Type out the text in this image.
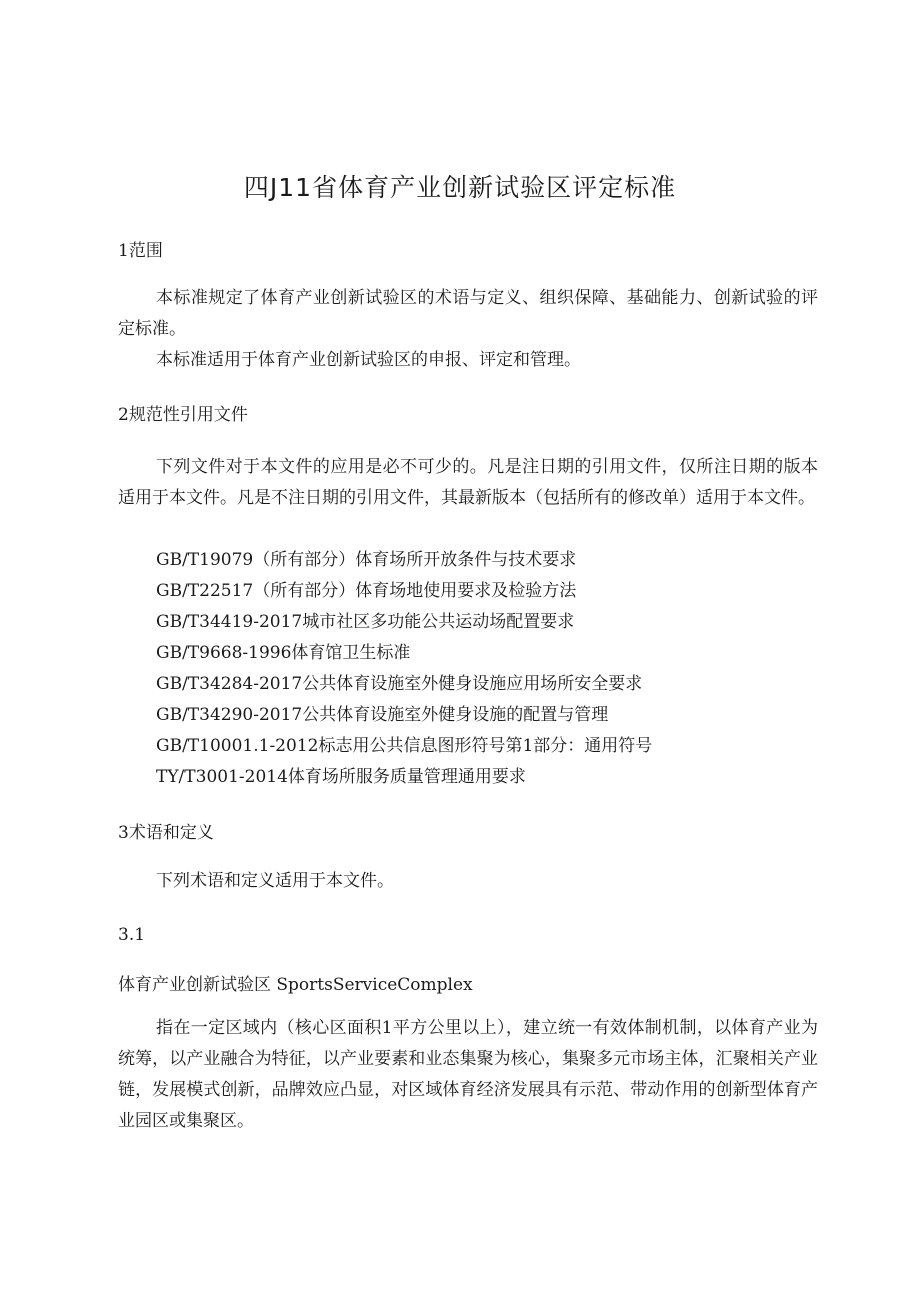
四J11省体育产业创新试验区评定标准
1范围

本标准规定了体育产业创新试验区的术语与定义、组织保障、基础能力、创新试验的评定标准。

本标准适用于体育产业创新试验区的申报、评定和管理。

2规范性引用文件

下列文件对于本文件的应用是必不可少的。凡是注日期的引用文件，仅所注日期的版本适用于本文件。凡是不注日期的引用文件，其最新版本（包括所有的修改单）适用于本文件。

GB/T19079（所有部分）体育场所开放条件与技术要求
GB/T22517（所有部分）体育场地使用要求及检验方法
GB/T34419-2017城市社区多功能公共运动场配置要求
GB/T9668-1996体育馆卫生标准
GB/T34284-2017公共体育设施室外健身设施应用场所安全要求
GB/T34290-2017公共体育设施室外健身设施的配置与管理
GB/T10001.1-2012标志用公共信息图形符号第1部分：通用符号
TY/T3001-2014体育场所服务质量管理通用要求
3术语和定义

下列术语和定义适用于本文件。

3.1
体育产业创新试验区 SportsServiceComplex

指在一定区域内（核心区面积1平方公里以上），建立统一有效体制机制，以体育产业为统筹，以产业融合为特征，以产业要素和业态集聚为核心，集聚多元市场主体，汇聚相关产业链，发展模式创新，品牌效应凸显，对区域体育经济发展具有示范、带动作用的创新型体育产业园区或集聚区。
